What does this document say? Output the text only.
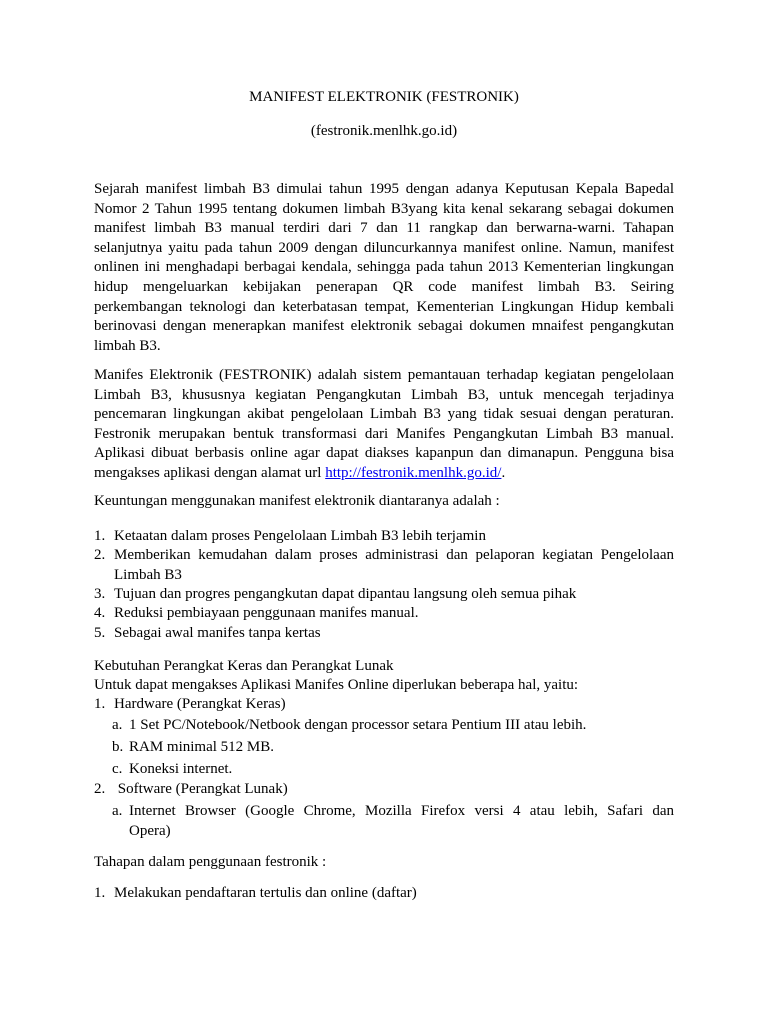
MANIFEST ELEKTRONIK (FESTRONIK)
(festronik.menlhk.go.id)
Sejarah manifest limbah B3 dimulai tahun 1995 dengan adanya Keputusan Kepala Bapedal
Nomor 2 Tahun 1995 tentang dokumen limbah B3yang kita kenal sekarang sebagai dokumen
manifest limbah B3 manual terdiri dari 7 dan 11 rangkap dan berwarna-warni. Tahapan
selanjutnya yaitu pada tahun 2009 dengan diluncurkannya manifest online. Namun, manifest
onlinen ini menghadapi berbagai kendala, sehingga pada tahun 2013 Kementerian lingkungan
hidup mengeluarkan kebijakan penerapan QR code manifest limbah B3. Seiring
perkembangan teknologi dan keterbatasan tempat, Kementerian Lingkungan Hidup kembali
berinovasi dengan menerapkan manifest elektronik sebagai dokumen mnaifest pengangkutan
limbah B3.
Manifes Elektronik (FESTRONIK) adalah sistem pemantauan terhadap kegiatan pengelolaan
Limbah B3, khususnya kegiatan Pengangkutan Limbah B3, untuk mencegah terjadinya
pencemaran lingkungan akibat pengelolaan Limbah B3 yang tidak sesuai dengan peraturan.
Festronik merupakan bentuk transformasi dari Manifes Pengangkutan Limbah B3 manual.
Aplikasi dibuat berbasis online agar dapat diakses kapanpun dan dimanapun. Pengguna bisa
mengakses aplikasi dengan alamat url http://festronik.menlhk.go.id/.
Keuntungan menggunakan manifest elektronik diantaranya adalah :
1. Ketaatan dalam proses Pengelolaan Limbah B3 lebih terjamin
2. Memberikan kemudahan dalam proses administrasi dan pelaporan kegiatan Pengelolaan
Limbah B3
3. Tujuan dan progres pengangkutan dapat dipantau langsung oleh semua pihak
4. Reduksi pembiayaan penggunaan manifes manual.
5. Sebagai awal manifes tanpa kertas
Kebutuhan Perangkat Keras dan Perangkat Lunak
Untuk dapat mengakses Aplikasi Manifes Online diperlukan beberapa hal, yaitu:
1. Hardware (Perangkat Keras)
a. 1 Set PC/Notebook/Netbook dengan processor setara Pentium III atau lebih.
b. RAM minimal 512 MB.
c. Koneksi internet.
2. Software (Perangkat Lunak)
a. Internet Browser (Google Chrome, Mozilla Firefox versi 4 atau lebih, Safari dan
Opera)
Tahapan dalam penggunaan festronik :
1. Melakukan pendaftaran tertulis dan online (daftar)
